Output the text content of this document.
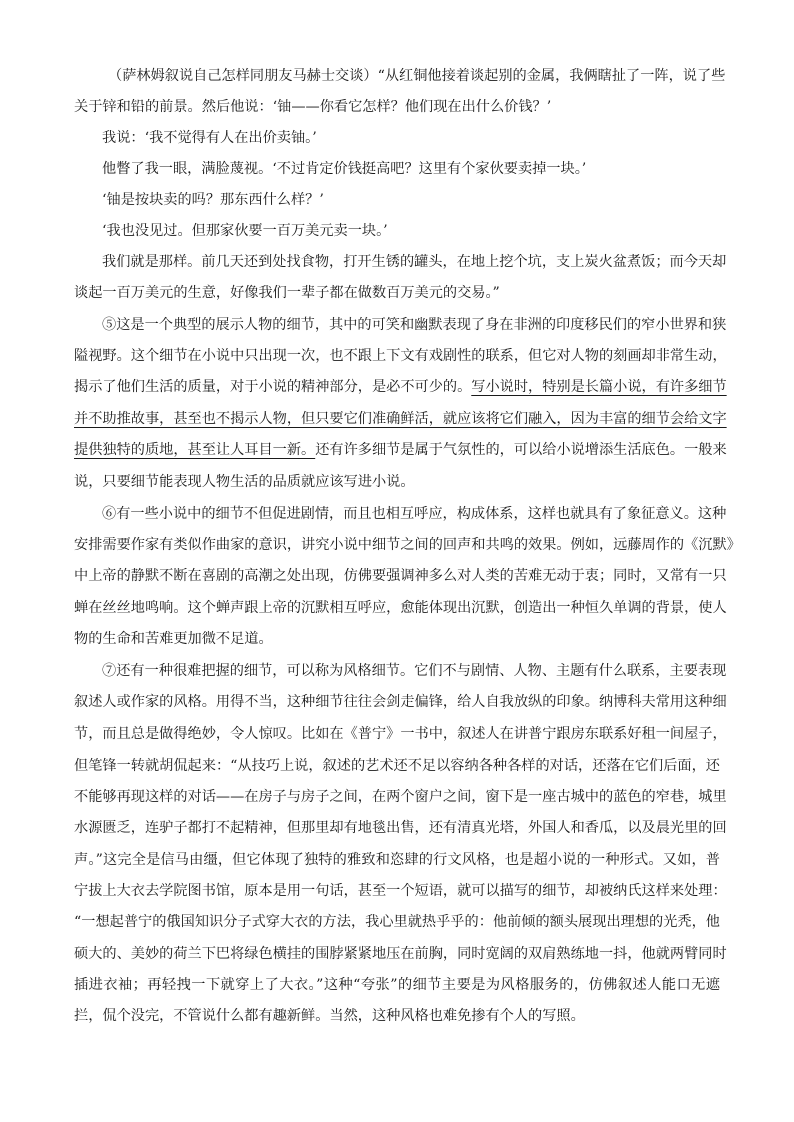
（萨林姆叙说自己怎样同朋友马赫士交谈）“从红铜他接着谈起别的金属，我俩瞎扯了一阵，说了些
关于锌和铅的前景。然后他说：‘铀——你看它怎样？他们现在出什么价钱？’
我说：‘我不觉得有人在出价卖铀。’
他瞥了我一眼，满脸蔑视。‘不过肯定价钱挺高吧？这里有个家伙要卖掉一块。’
‘铀是按块卖的吗？那东西什么样？’
‘我也没见过。但那家伙要一百万美元卖一块。’
我们就是那样。前几天还到处找食物，打开生锈的罐头，在地上挖个坑，支上炭火盆煮饭；而今天却
谈起一百万美元的生意，好像我们一辈子都在做数百万美元的交易。”
⑤这是一个典型的展示人物的细节，其中的可笑和幽默表现了身在非洲的印度移民们的窄小世界和狭
隘视野。这个细节在小说中只出现一次，也不跟上下文有戏剧性的联系，但它对人物的刻画却非常生动，
揭示了他们生活的质量，对于小说的精神部分，是必不可少的。写小说时，特别是长篇小说，有许多细节
并不助推故事，甚至也不揭示人物，但只要它们准确鲜活，就应该将它们融入，因为丰富的细节会给文字
提供独特的质地，甚至让人耳目一新。还有许多细节是属于气氛性的，可以给小说增添生活底色。一般来
说，只要细节能表现人物生活的品质就应该写进小说。
⑥有一些小说中的细节不但促进剧情，而且也相互呼应，构成体系，这样也就具有了象征意义。这种
安排需要作家有类似作曲家的意识，讲究小说中细节之间的回声和共鸣的效果。例如，远藤周作的《沉默》
中上帝的静默不断在喜剧的高潮之处出现，仿佛要强调神多么对人类的苦难无动于衷；同时，又常有一只
蝉在丝丝地鸣响。这个蝉声跟上帝的沉默相互呼应，愈能体现出沉默，创造出一种恒久单调的背景，使人
物的生命和苦难更加微不足道。
⑦还有一种很难把握的细节，可以称为风格细节。它们不与剧情、人物、主题有什么联系，主要表现
叙述人或作家的风格。用得不当，这种细节往往会剑走偏锋，给人自我放纵的印象。纳博科夫常用这种细
节，而且总是做得绝妙，令人惊叹。比如在《普宁》一书中，叙述人在讲普宁跟房东联系好租一间屋子，
但笔锋一转就胡侃起来：“从技巧上说，叙述的艺术还不足以容纳各种各样的对话，还落在它们后面，还
不能够再现这样的对话——在房子与房子之间，在两个窗户之间，窗下是一座古城中的蓝色的窄巷，城里
水源匮乏，连驴子都打不起精神，但那里却有地毯出售，还有清真光塔，外国人和香瓜，以及晨光里的回
声。”这完全是信马由缰，但它体现了独特的雅致和恣肆的行文风格，也是超小说的一种形式。又如，普
宁拔上大衣去学院图书馆，原本是用一句话，甚至一个短语，就可以描写的细节，却被纳氏这样来处理：
“一想起普宁的俄国知识分子式穿大衣的方法，我心里就热乎乎的：他前倾的额头展现出理想的光秃，他
硕大的、美妙的荷兰下巴将绿色横挂的围脖紧紧地压在前胸，同时宽阔的双肩熟练地一抖，他就两臂同时
插进衣袖；再轻拽一下就穿上了大衣。”这种“夸张”的细节主要是为风格服务的，仿佛叙述人能口无遮
拦，侃个没完，不管说什么都有趣新鲜。当然，这种风格也难免掺有个人的写照。
